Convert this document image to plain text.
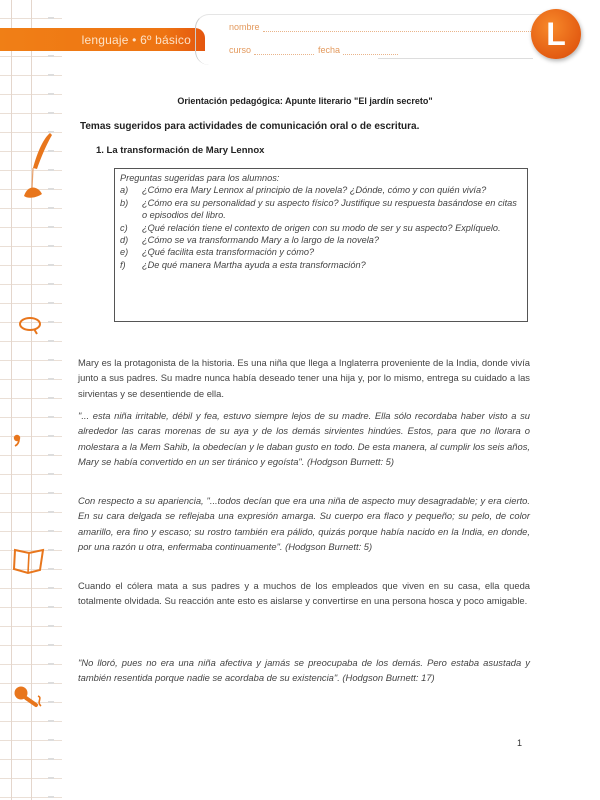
lenguaje • 6º básico
nombre
curso	fecha	L
Orientación pedagógica: Apunte literario "El jardín secreto"
Temas sugeridos para actividades de comunicación oral o de escritura.
1. La transformación de Mary Lennox
Preguntas sugeridas para los alumnos:
a)	¿Cómo era Mary Lennox al principio de la novela? ¿Dónde, cómo y con quién vivía?
b)	¿Cómo era su personalidad y su aspecto físico? Justifique su respuesta basándose en citas o episodios del libro.
c)	¿Qué relación tiene el contexto de origen con su modo de ser y su aspecto? Explíquelo.
d)	¿Cómo se va transformando Mary a lo largo de la novela?
e)	¿Qué facilita esta transformación y cómo?
f)	¿De qué manera Martha ayuda a esta transformación?
Mary es la protagonista de la historia. Es una niña que llega a Inglaterra proveniente de la India, donde vivía junto a sus padres. Su madre nunca había deseado tener una hija y, por lo mismo, entrega su cuidado a las sirvientas y se desentiende de ella.
"... esta niña irritable, débil y fea, estuvo siempre lejos de su madre. Ella sólo recordaba haber visto a su alrededor las caras morenas de su aya y de los demás sirvientes hindúes. Estos, para que no llorara o molestara a la Mem Sahib, la obedecían y le daban gusto en todo. De esta manera, al cumplir los seis años, Mary se había convertido en un ser tiránico y egoísta". (Hodgson Burnett: 5)
Con respecto a su apariencia, "...todos decían que era una niña de aspecto muy desagradable; y era cierto. En su cara delgada se reflejaba una expresión amarga. Su cuerpo era flaco y pequeño; su pelo, de color amarillo, era fino y escaso; su rostro también era pálido, quizás porque había nacido en la India, en donde, por una razón u otra, enfermaba continuamente". (Hodgson Burnett: 5)
Cuando el cólera mata a sus padres y a muchos de los empleados que viven en su casa, ella queda totalmente olvidada. Su reacción ante esto es aislarse y convertirse en una persona hosca y poco amigable.
"No lloró, pues no era una niña afectiva y jamás se preocupaba de los demás. Pero estaba asustada y también resentida porque nadie se acordaba de su existencia". (Hodgson Burnett: 17)
1
